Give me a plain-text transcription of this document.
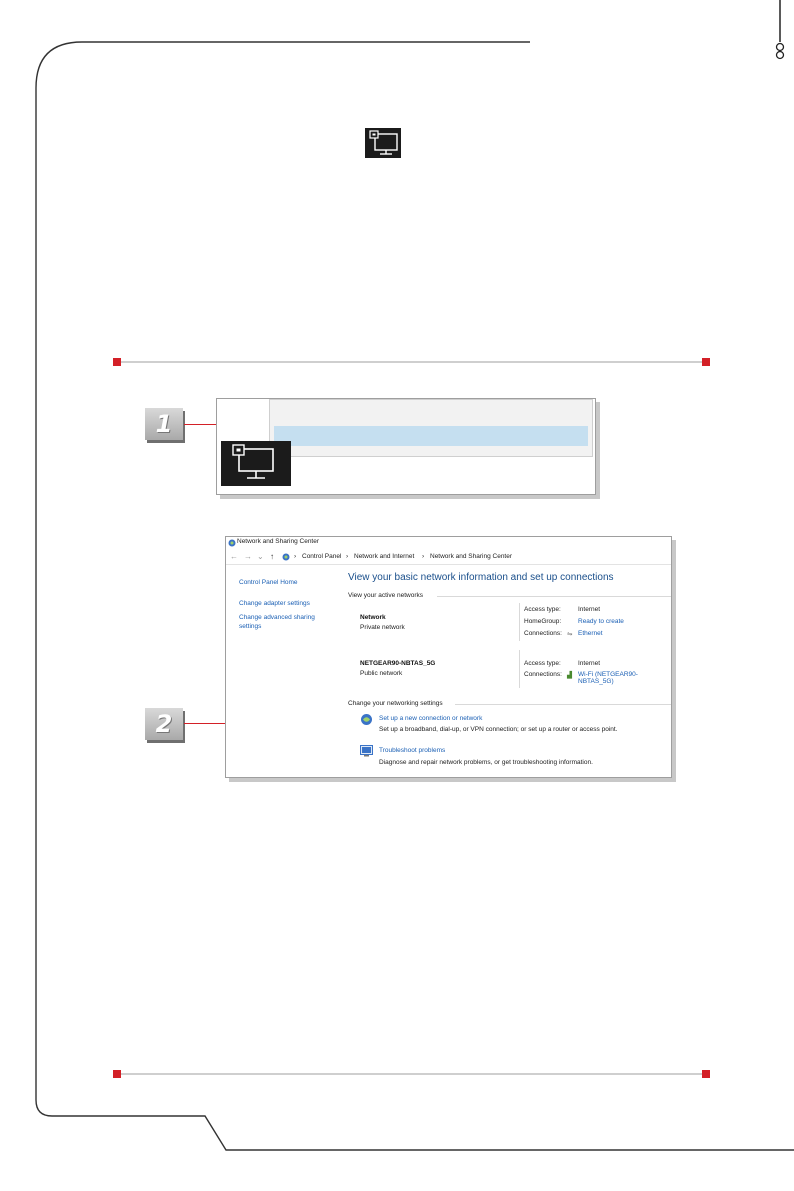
1
2
Network and Sharing Center
← → ⌄ ↑	› Control Panel › Network and Internet › Network and Sharing Center
Control Panel Home
Change adapter settings
Change advanced sharing
settings
View your basic network information and set up connections
View your active networks
Network
Private network
Access type:	Internet
HomeGroup:	Ready to create
Connections: ⇋ Ethernet
NETGEAR90-NBTAS_5G
Public network
Access type:	Internet
Connections: ▟ Wi-Fi (NETGEAR90-NBTAS_5G)
Change your networking settings
Set up a new connection or network
Set up a broadband, dial-up, or VPN connection; or set up a router or access point.
Troubleshoot problems
Diagnose and repair network problems, or get troubleshooting information.
